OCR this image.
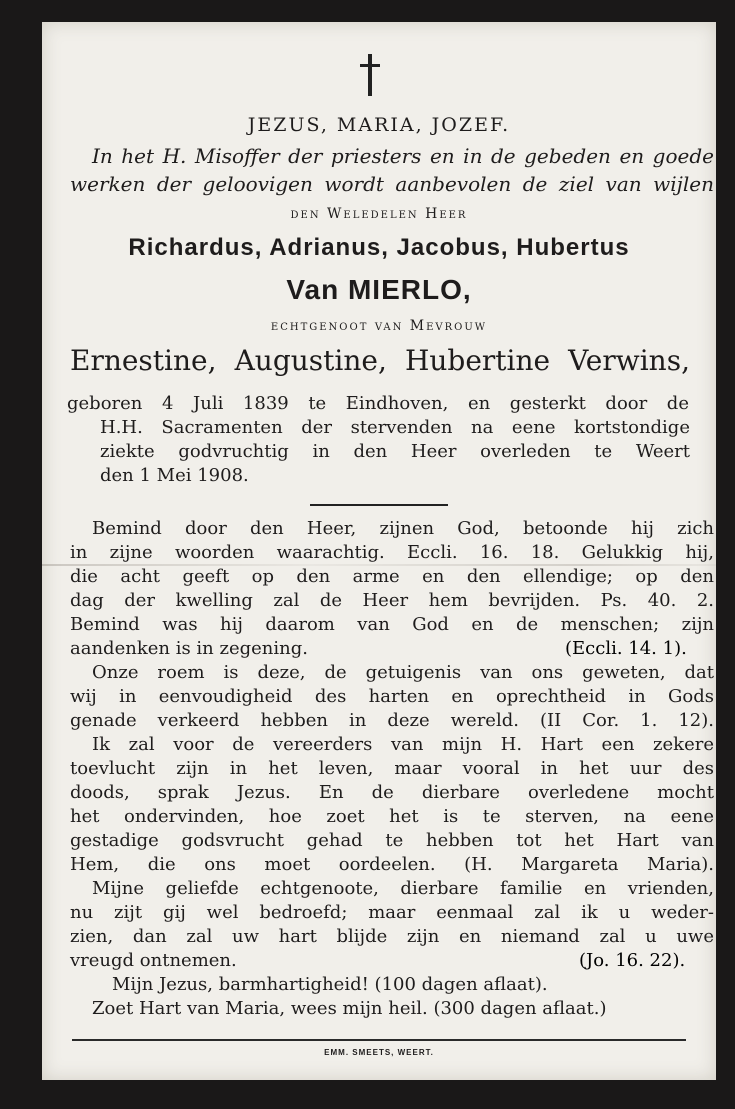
JEZUS, MARIA, JOZEF.
In het H. Misoffer der priesters en in de gebeden en goede
werken der geloovigen wordt aanbevolen de ziel van wijlen
den Weledelen Heer
Richardus, Adrianus, Jacobus, Hubertus
Van MIERLO,
echtgenoot van Mevrouw
Ernestine, Augustine, Hubertine Verwins,
geboren 4 Juli 1839 te Eindhoven, en gesterkt door de
H.H. Sacramenten der stervenden na eene kortstondige
ziekte godvruchtig in den Heer overleden te Weert
den 1 Mei 1908.
Bemind door den Heer, zijnen God, betoonde hij zich
in zijne woorden waarachtig. Eccli. 16. 18. Gelukkig hij,
die acht geeft op den arme en den ellendige; op den
dag der kwelling zal de Heer hem bevrijden. Ps. 40. 2.
Bemind was hij daarom van God en de menschen; zijn
aandenken is in zegening.	(Eccli. 14. 1).
Onze roem is deze, de getuigenis van ons geweten, dat
wij in eenvoudigheid des harten en oprechtheid in Gods
genade verkeerd hebben in deze wereld. (II Cor. 1. 12).
Ik zal voor de vereerders van mijn H. Hart een zekere
toevlucht zijn in het leven, maar vooral in het uur des
doods, sprak Jezus. En de dierbare overledene mocht
het ondervinden, hoe zoet het is te sterven, na eene
gestadige godsvrucht gehad te hebben tot het Hart van
Hem, die ons moet oordeelen. (H. Margareta Maria).
Mijne geliefde echtgenoote, dierbare familie en vrienden,
nu zijt gij wel bedroefd; maar eenmaal zal ik u weder-
zien, dan zal uw hart blijde zijn en niemand zal u uwe
vreugd ontnemen.	(Jo. 16. 22).
Mijn Jezus, barmhartigheid! (100 dagen aflaat).
Zoet Hart van Maria, wees mijn heil. (300 dagen aflaat.)
EMM. SMEETS, WEERT.
